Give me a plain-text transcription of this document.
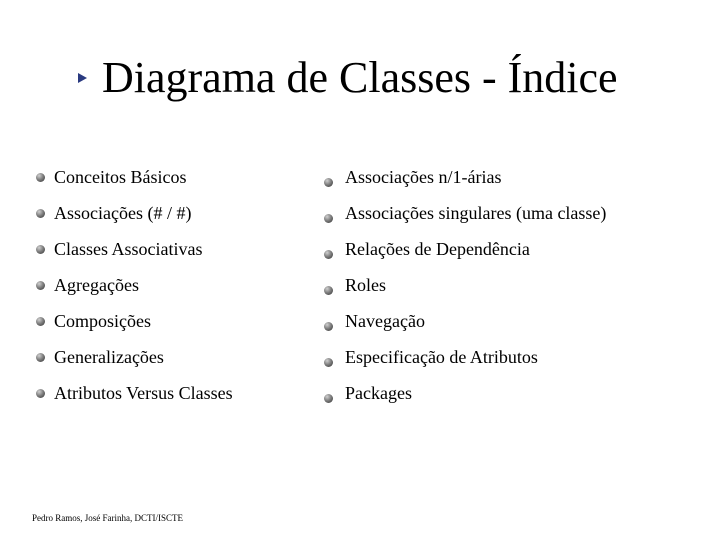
Diagrama de Classes - Índice
Conceitos Básicos
Associações (# / #)
Classes Associativas
Agregações
Composições
Generalizações
Atributos Versus Classes
Associações n/1-árias
Associações singulares (uma classe)
Relações de Dependência
Roles
Navegação
Especificação de Atributos
Packages
Pedro Ramos, José Farinha, DCTI/ISCTE
